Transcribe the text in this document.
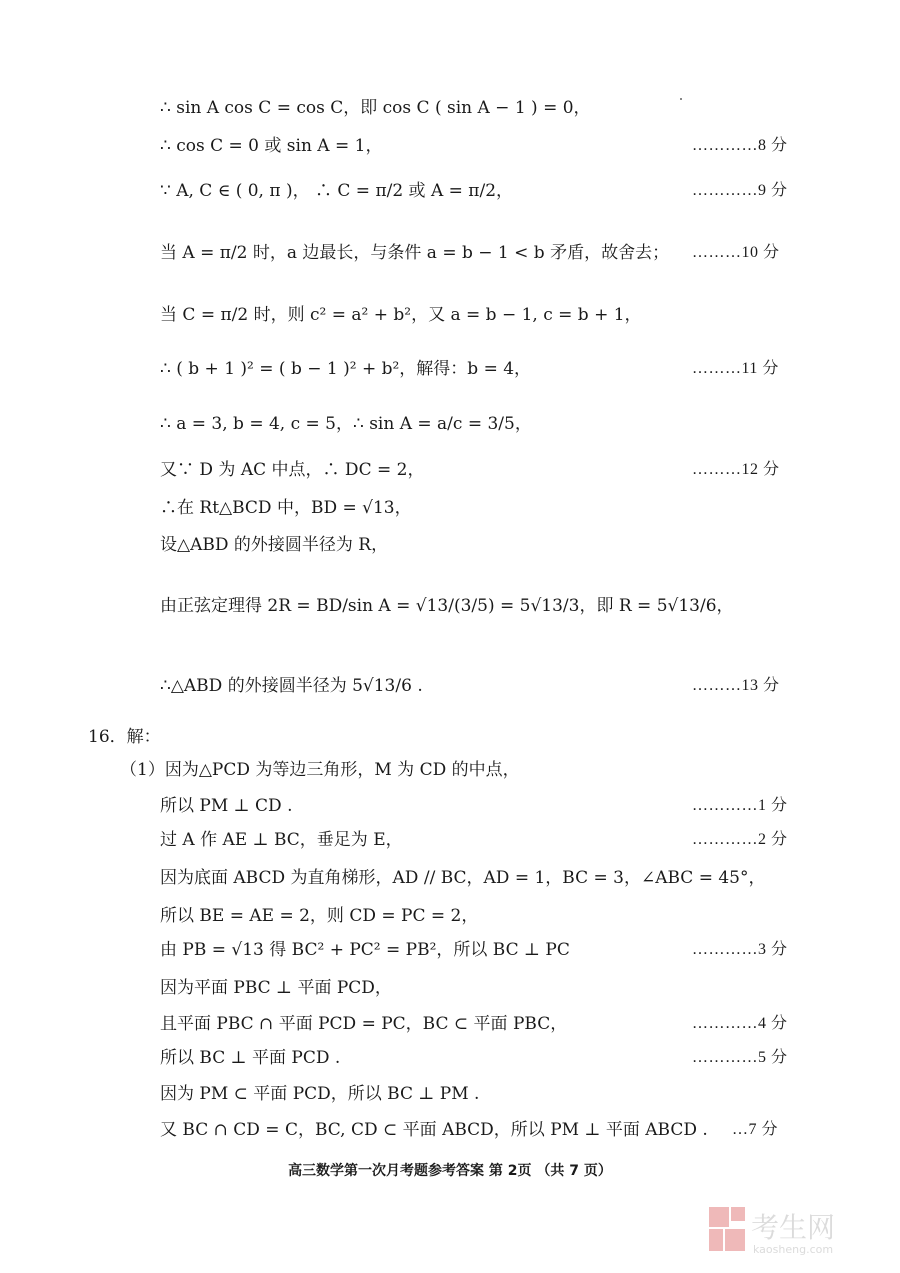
∴ sin A cos C = cos C，即 cos C ( sin A − 1 ) = 0，
∴ cos C = 0 或 sin A = 1，	…………8 分
∵ A, C ∈ ( 0, π )， ∴ C = π/2 或 A = π/2，	…………9 分
当 A = π/2 时，a 边最长，与条件 a = b − 1 < b 矛盾，故舍去；	………10 分
当 C = π/2 时，则 c² = a² + b²，又 a = b − 1, c = b + 1，
∴ ( b + 1 )² = ( b − 1 )² + b²，解得：b = 4，	………11 分
∴ a = 3, b = 4, c = 5，∴ sin A = a/c = 3/5，
又∵ D 为 AC 中点，∴ DC = 2，	………12 分
∴在 Rt△BCD 中，BD = √13，
设△ABD 的外接圆半径为 R，
由正弦定理得 2R = BD/sin A = √13/(3/5) = 5√13/3，即 R = 5√13/6，
∴△ABD 的外接圆半径为 5√13/6 .	………13 分
16．解：
（1）因为△PCD 为等边三角形，M 为 CD 的中点，
所以 PM ⊥ CD .	…………1 分
过 A 作 AE ⊥ BC，垂足为 E，	…………2 分
因为底面 ABCD 为直角梯形，AD // BC，AD = 1，BC = 3，∠ABC = 45°，
所以 BE = AE = 2，则 CD = PC = 2，
由 PB = √13 得 BC² + PC² = PB²，所以 BC ⊥ PC	…………3 分
因为平面 PBC ⊥ 平面 PCD，
且平面 PBC ∩ 平面 PCD = PC，BC ⊂ 平面 PBC，	…………4 分
所以 BC ⊥ 平面 PCD .	…………5 分
因为 PM ⊂ 平面 PCD，所以 BC ⊥ PM .
又 BC ∩ CD = C，BC, CD ⊂ 平面 ABCD，所以 PM ⊥ 平面 ABCD .	…7 分
高三数学第一次月考题参考答案 第 2页 （共 7 页）
考生网
kaosheng.com
